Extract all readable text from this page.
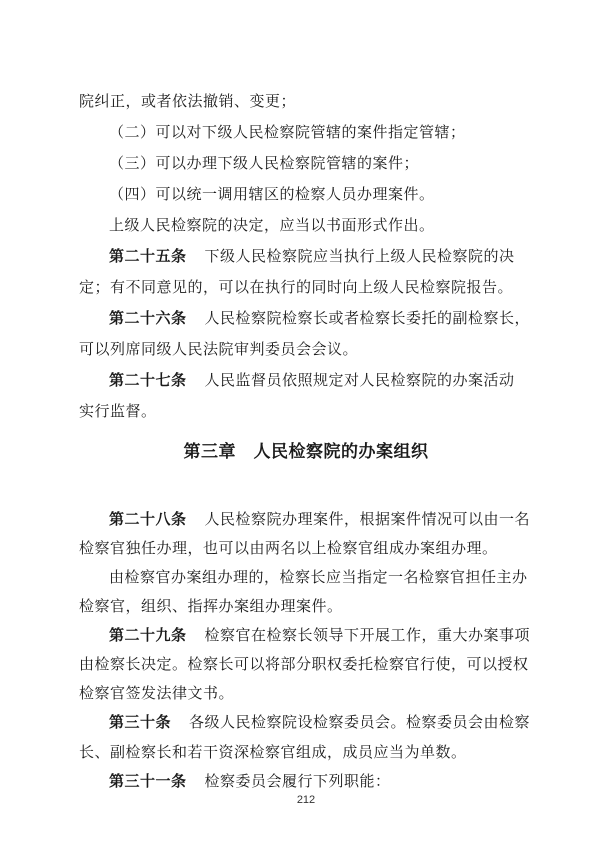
院纠正，或者依法撤销、变更；
（二）可以对下级人民检察院管辖的案件指定管辖；
（三）可以办理下级人民检察院管辖的案件；
（四）可以统一调用辖区的检察人员办理案件。
上级人民检察院的决定，应当以书面形式作出。
第二十五条 下级人民检察院应当执行上级人民检察院的决
定；有不同意见的，可以在执行的同时向上级人民检察院报告。
第二十六条 人民检察院检察长或者检察长委托的副检察长，
可以列席同级人民法院审判委员会会议。
第二十七条 人民监督员依照规定对人民检察院的办案活动
实行监督。
第三章　人民检察院的办案组织
第二十八条 人民检察院办理案件，根据案件情况可以由一名
检察官独任办理，也可以由两名以上检察官组成办案组办理。
由检察官办案组办理的，检察长应当指定一名检察官担任主办
检察官，组织、指挥办案组办理案件。
第二十九条 检察官在检察长领导下开展工作，重大办案事项
由检察长决定。检察长可以将部分职权委托检察官行使，可以授权
检察官签发法律文书。
第三十条 各级人民检察院设检察委员会。检察委员会由检察
长、副检察长和若干资深检察官组成，成员应当为单数。
212
第三十一条 检察委员会履行下列职能：
